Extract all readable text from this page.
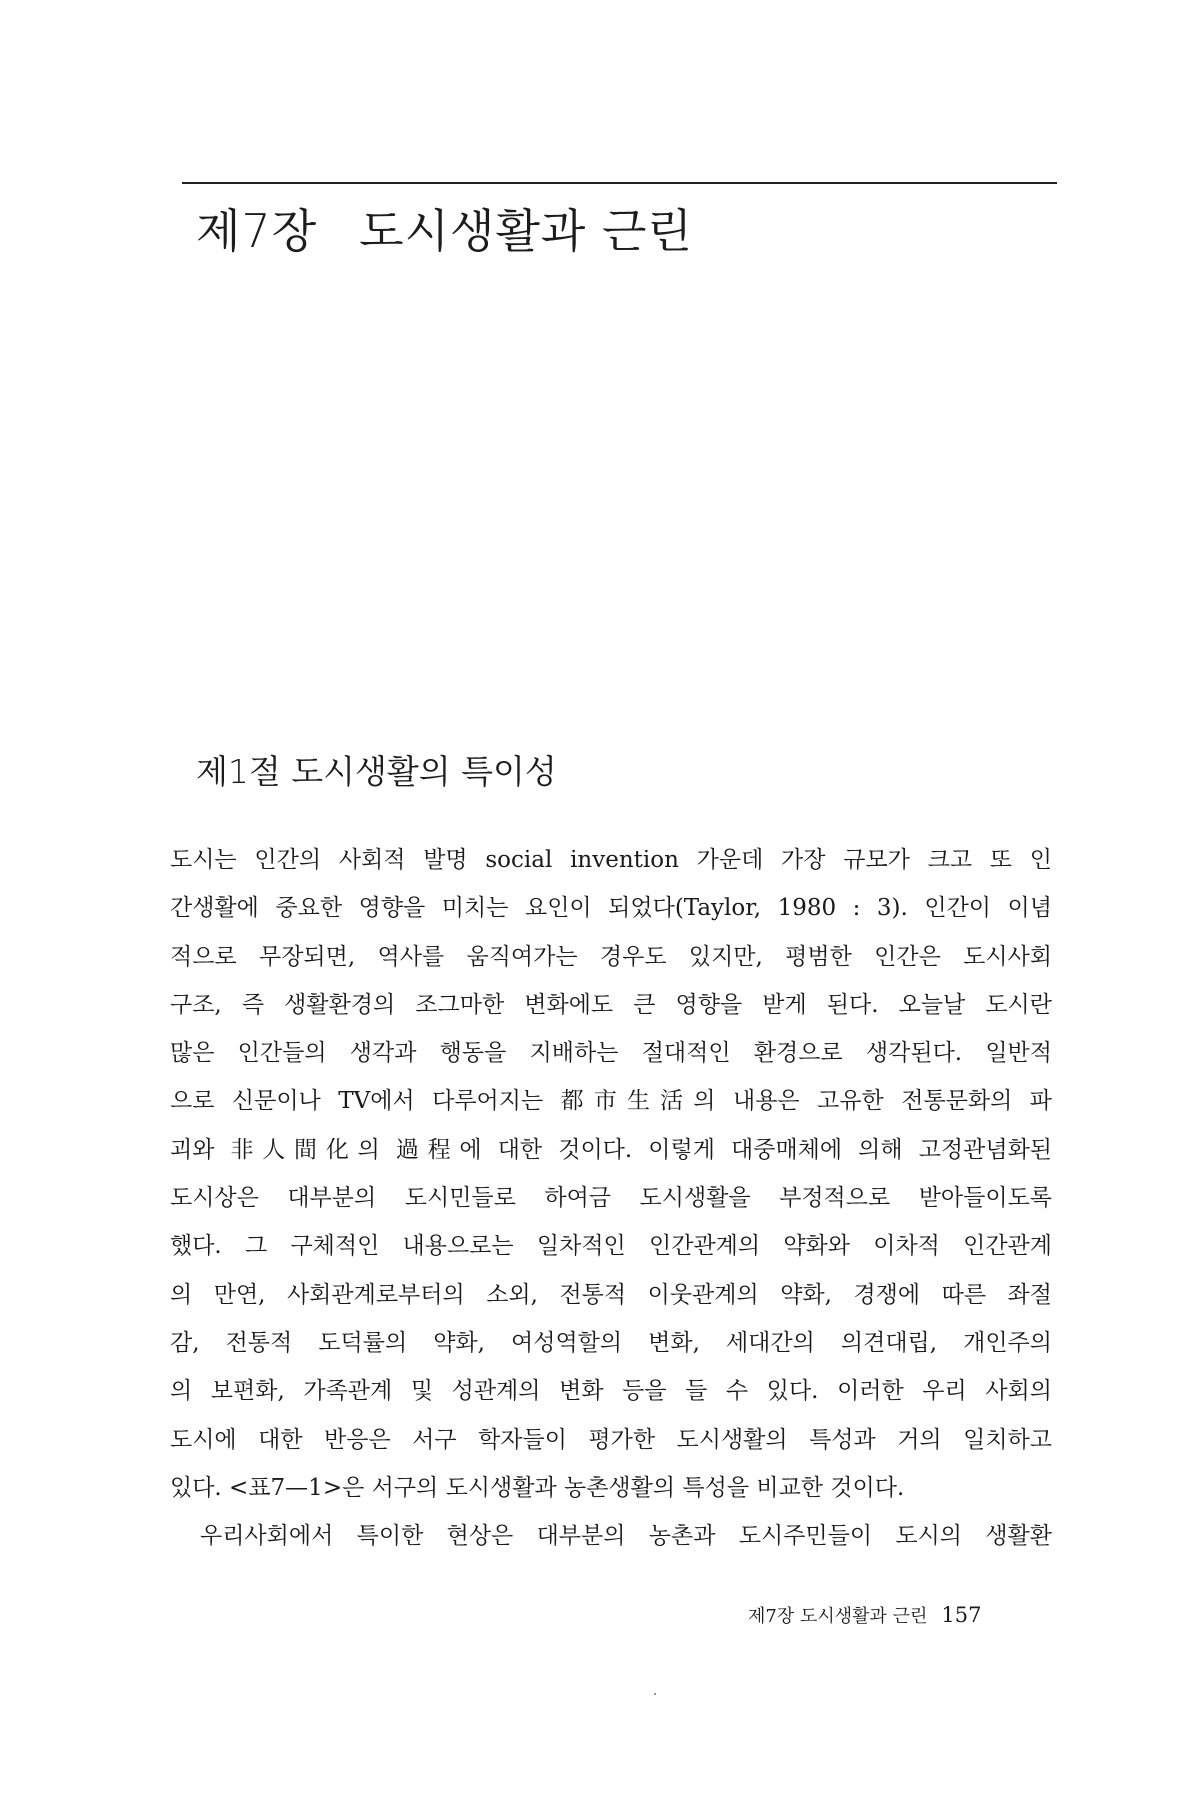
제7장 도시생활과 근린
제1절 도시생활의 특이성
도시는 인간의 사회적 발명 social invention 가운데 가장 규모가 크고 또 인
간생활에 중요한 영향을 미치는 요인이 되었다(Taylor, 1980 : 3). 인간이 이념
적으로 무장되면, 역사를 움직여가는 경우도 있지만, 평범한 인간은 도시사회
구조, 즉 생활환경의 조그마한 변화에도 큰 영향을 받게 된다. 오늘날 도시란
많은 인간들의 생각과 행동을 지배하는 절대적인 환경으로 생각된다. 일반적
으로 신문이나 TV에서 다루어지는 都市生活의 내용은 고유한 전통문화의 파
괴와 非人間化의 過程에 대한 것이다. 이렇게 대중매체에 의해 고정관념화된
도시상은 대부분의 도시민들로 하여금 도시생활을 부정적으로 받아들이도록
했다. 그 구체적인 내용으로는 일차적인 인간관계의 약화와 이차적 인간관계
의 만연, 사회관계로부터의 소외, 전통적 이웃관계의 약화, 경쟁에 따른 좌절
감, 전통적 도덕률의 약화, 여성역할의 변화, 세대간의 의견대립, 개인주의
의 보편화, 가족관계 및 성관계의 변화 등을 들 수 있다. 이러한 우리 사회의
도시에 대한 반응은 서구 학자들이 평가한 도시생활의 특성과 거의 일치하고
있다. <표7—1>은 서구의 도시생활과 농촌생활의 특성을 비교한 것이다.
우리사회에서 특이한 현상은 대부분의 농촌과 도시주민들이 도시의 생활환
제7장 도시생활과 근린 157
